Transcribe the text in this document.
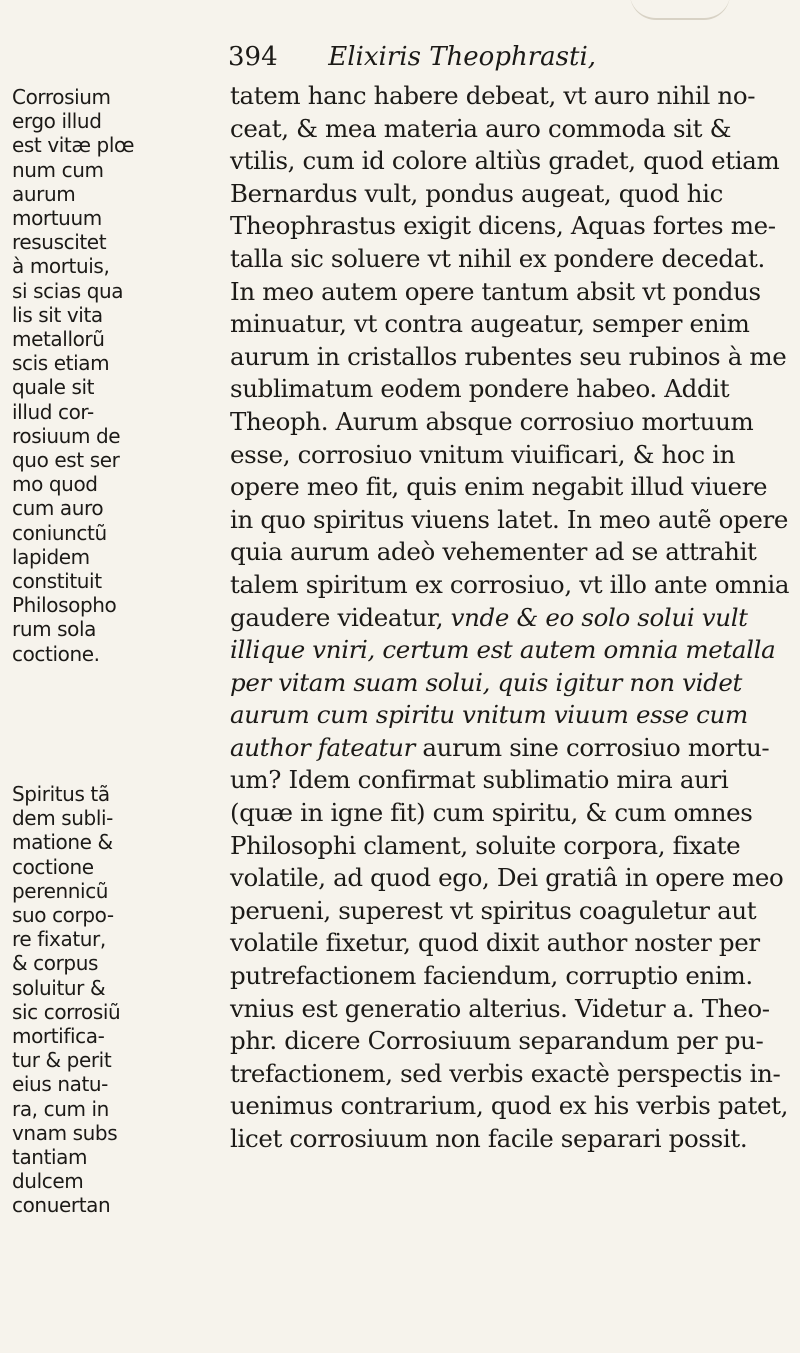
394 Elixiris Theophrasti,
Corrosium
ergo illud
est vitæ plœ
num cum
aurum
mortuum
resuscitet
à mortuis,
si scias qua
lis sit vita
metallorũ
scis etiam
quale sit
illud cor-
rosiuum de
quo est ser
mo quod
cum auro
coniunctũ
lapidem
constituit
Philosopho
rum sola
coctione.
Spiritus tã
dem subli-
matione &
coctione
perennicũ
suo corpo-
re fixatur,
& corpus
soluitur &
sic corrosiũ
mortifica-
tur & perit
eius natu-
ra, cum in
vnam subs
tantiam
dulcem
conuertan
tatem hanc habere debeat, vt auro nihil no-
ceat, & mea materia auro commoda sit &
vtilis, cum id colore altiùs gradet, quod etiam
Bernardus vult, pondus augeat, quod hic
Theophrastus exigit dicens, Aquas fortes me-
talla sic soluere vt nihil ex pondere decedat.
In meo autem opere tantum absit vt pondus
minuatur, vt contra augeatur, semper enim
aurum in cristallos rubentes seu rubinos à me
sublimatum eodem pondere habeo. Addit
Theoph. Aurum absque corrosiuo mortuum
esse, corrosiuo vnitum viuificari, & hoc in
opere meo fit, quis enim negabit illud viuere
in quo spiritus viuens latet. In meo autẽ opere
quia aurum adeò vehementer ad se attrahit
talem spiritum ex corrosiuo, vt illo ante omnia
gaudere videatur, vnde & eo solo solui vult
illique vniri, certum est autem omnia metalla
per vitam suam solui, quis igitur non videt
aurum cum spiritu vnitum viuum esse cum
author fateatur aurum sine corrosiuo mortu-
um? Idem confirmat sublimatio mira auri
(quæ in igne fit) cum spiritu, & cum omnes
Philosophi clament, soluite corpora, fixate
volatile, ad quod ego, Dei gratiâ in opere meo
perueni, superest vt spiritus coaguletur aut
volatile fixetur, quod dixit author noster per
putrefactionem faciendum, corruptio enim.
vnius est generatio alterius. Videtur a. Theo-
phr. dicere Corrosiuum separandum per pu-
trefactionem, sed verbis exactè perspectis in-
uenimus contrarium, quod ex his verbis patet,
licet corrosiuum non facile separari possit.
